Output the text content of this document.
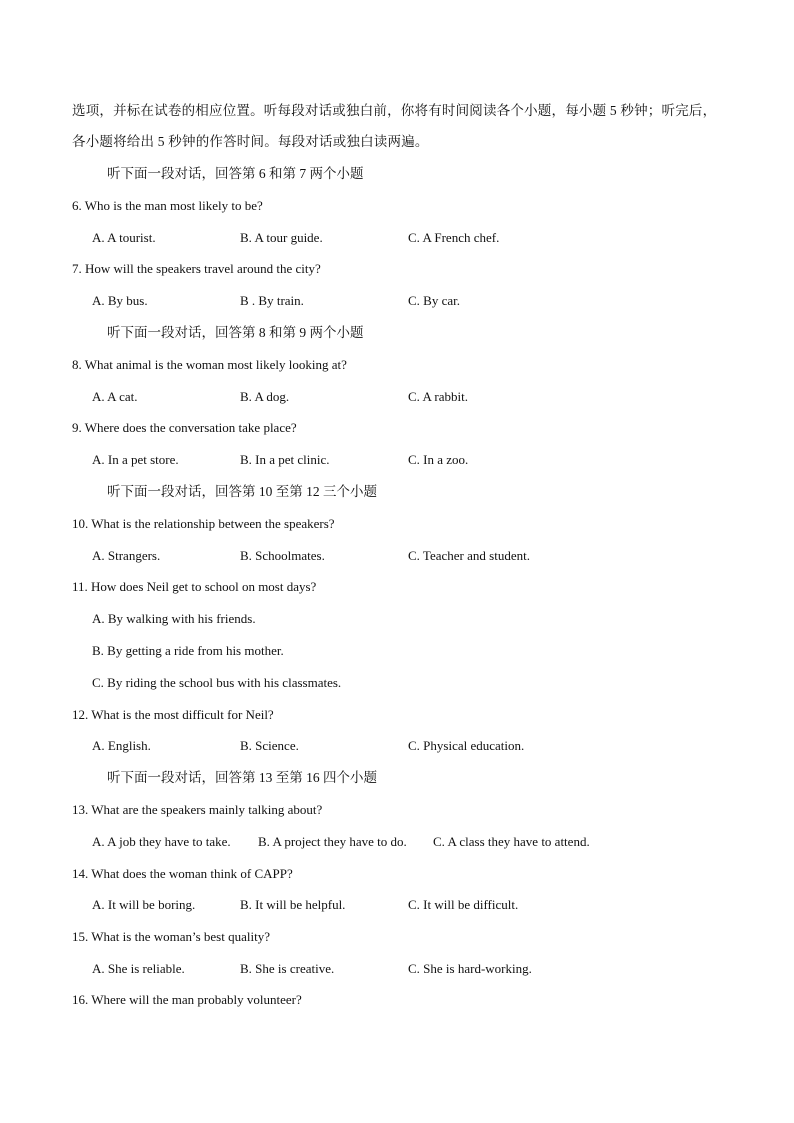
选项，并标在试卷的相应位置。听每段对话或独白前，你将有时间阅读各个小题，每小题 5 秒钟；听完后，
各小题将给出 5 秒钟的作答时间。每段对话或独白读两遍。
听下面一段对话，回答第 6 和第 7 两个小题
6. Who is the man most likely to be?
A. A tourist.	B. A tour guide.	C. A French chef.
7. How will the speakers travel around the city?
A. By bus.	B . By train.	C. By car.
听下面一段对话，回答第 8 和第 9 两个小题
8. What animal is the woman most likely looking at?
A. A cat.	B. A dog.	C. A rabbit.
9. Where does the conversation take place?
A. In a pet store.	B. In a pet clinic.	C. In a zoo.
听下面一段对话，回答第 10 至第 12 三个小题
10. What is the relationship between the speakers?
A. Strangers.	B. Schoolmates.	C. Teacher and student.
11. How does Neil get to school on most days?
A. By walking with his friends.
B. By getting a ride from his mother.
C. By riding the school bus with his classmates.
12. What is the most difficult for Neil?
A. English.	B. Science.	C. Physical education.
听下面一段对话，回答第 13 至第 16 四个小题
13. What are the speakers mainly talking about?
A. A job they have to take. B. A project they have to do. C. A class they have to attend.
14. What does the woman think of CAPP?
A. It will be boring.	B. It will be helpful.	C. It will be difficult.
15. What is the woman’s best quality?
A. She is reliable.	B. She is creative.	C. She is hard-working.
16. Where will the man probably volunteer?
